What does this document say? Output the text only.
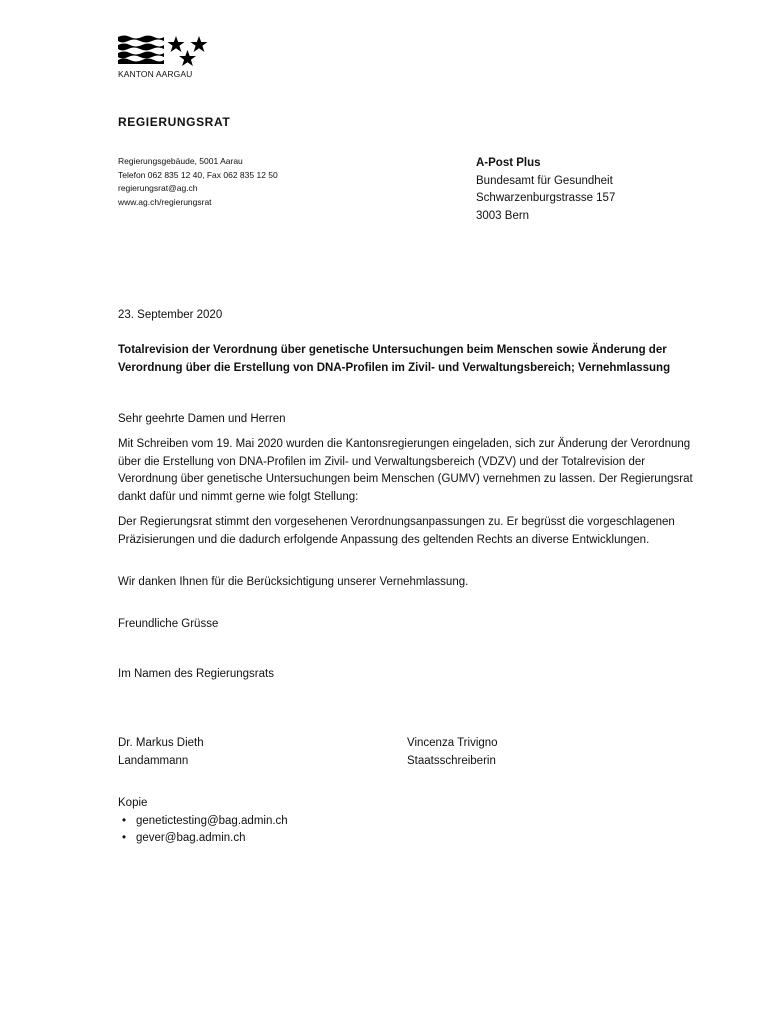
KANTON AARGAU
REGIERUNGSRAT
Regierungsgebäude, 5001 Aarau
Telefon 062 835 12 40, Fax 062 835 12 50
regierungsrat@ag.ch
www.ag.ch/regierungsrat
A-Post Plus
Bundesamt für Gesundheit
Schwarzenburgstrasse 157
3003 Bern
23. September 2020
Totalrevision der Verordnung über genetische Untersuchungen beim Menschen sowie Änderung der Verordnung über die Erstellung von DNA-Profilen im Zivil- und Verwaltungsbereich; Vernehmlassung
Sehr geehrte Damen und Herren
Mit Schreiben vom 19. Mai 2020 wurden die Kantonsregierungen eingeladen, sich zur Änderung der Verordnung über die Erstellung von DNA-Profilen im Zivil- und Verwaltungsbereich (VDZV) und der Totalrevision der Verordnung über genetische Untersuchungen beim Menschen (GUMV) vernehmen zu lassen. Der Regierungsrat dankt dafür und nimmt gerne wie folgt Stellung:
Der Regierungsrat stimmt den vorgesehenen Verordnungsanpassungen zu. Er begrüsst die vorgeschlagenen Präzisierungen und die dadurch erfolgende Anpassung des geltenden Rechts an diverse Entwicklungen.
Wir danken Ihnen für die Berücksichtigung unserer Vernehmlassung.
Freundliche Grüsse
Im Namen des Regierungsrats
Dr. Markus Dieth
Landammann
Vincenza Trivigno
Staatsschreiberin
Kopie
• genetictesting@bag.admin.ch
• gever@bag.admin.ch
